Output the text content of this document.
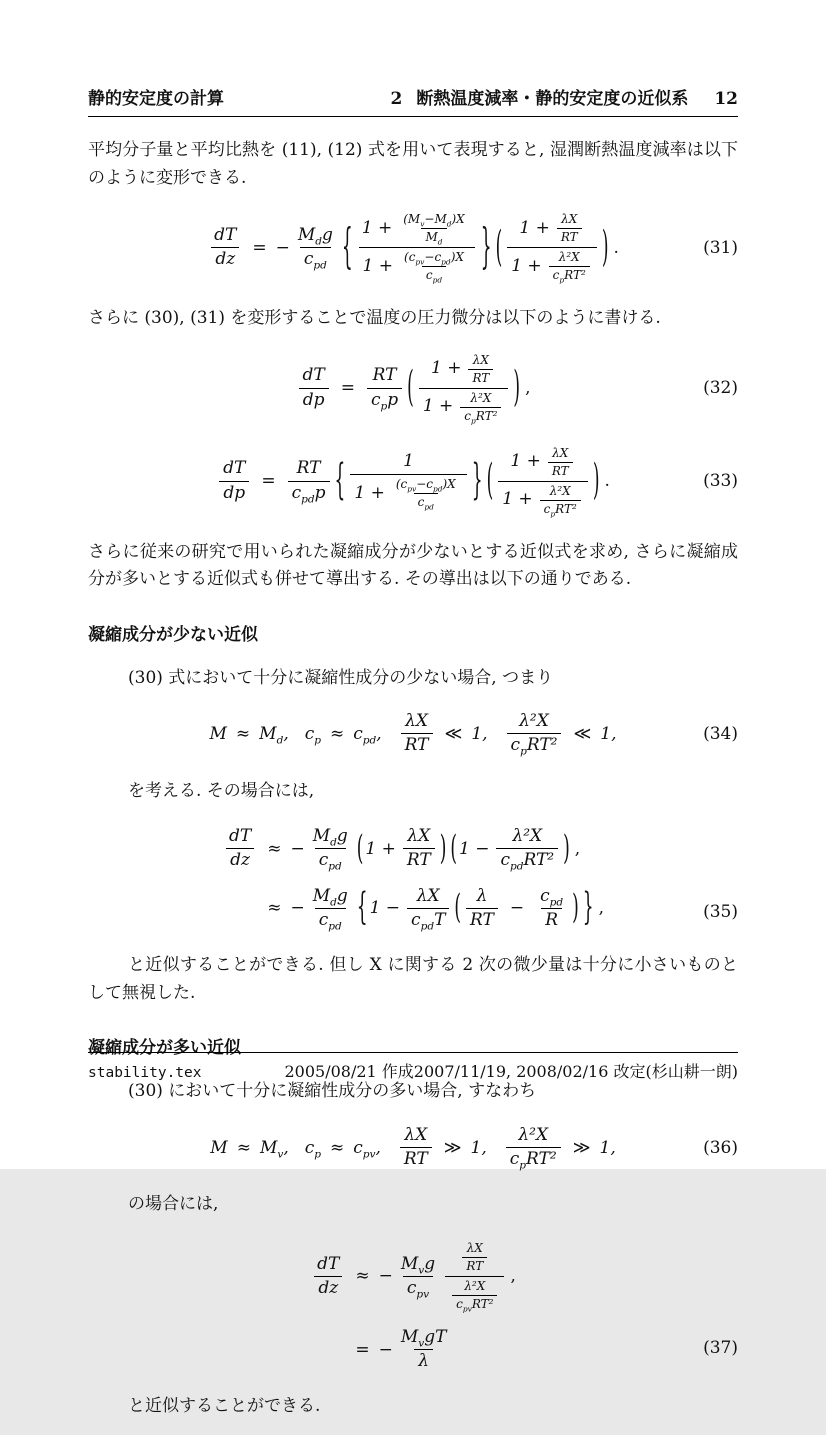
静的安定度の計算	2 断熱温度減率・静的安定度の近似系 12

平均分子量と平均比熱を (11), (12) 式を用いて表現すると, 湿潤断熱温度減率は以下のように変形できる.

$\frac{dT}{dz}$ = − $\frac{M_dg}{c_{pd}}$ { $\frac{1 + \frac{(M_v-M_d)X}{M_d}}{1 + \frac{(c_{pv}-c_{pd})X}{c_{pd}}}$ } ( $\frac{1 + \frac{\lambda X}{RT}}{1 + \frac{\text{λ²X}}{c_pRT^2}}$ ) .	(31)

さらに (30), (31) を変形することで温度の圧力微分は以下のように書ける.

$\frac{dT}{dp} = \frac{RT}{c_pp}$ ( $\frac{1 + \frac{\lambda X}{RT}}{1 + \frac{\text{λ²X}}{c_pRT^2}}$ ) ,	(32)
$\frac{dT}{dp} = \frac{RT}{c_{pd}p}$ { $\frac{1}{1 + \frac{(c_{pv}-c_{pd})X}{c_{pd}}}$ } ( $\frac{1 + \frac{\lambda X}{RT}}{1 + \frac{\text{λ²X}}{c_pRT^2}}$ ) .	(33)

さらに従来の研究で用いられた凝縮成分が少ないとする近似式を求め, さらに凝縮成分が多いとする近似式も併せて導出する. その導出は以下の通りである.

凝縮成分が少ない近似

(30) 式において十分に凝縮性成分の少ない場合, つまり

$M \approx M_d$, $c_p \approx c_{pd}$, $\frac{\lambda X}{RT}$ ≪ 1, $\frac{\text{λ²X}}{c_pRT^2}$ ≪ 1,	(34)

を考える. その場合には,

$\frac{dT}{dz}$ ≈ − $\frac{M_dg}{c_{pd}}$ ( $1 + \frac{\lambda X}{RT}$ ) ( $1 - \frac{\text{λ²X}}{c_{pd}RT^2}$ ) ,
≈ − $\frac{M_dg}{c_{pd}}$ { $1 - \frac{\lambda X}{c_{pd}T}$ ( $\frac{\lambda}{RT} - \frac{c_{pd}}{R}$ ) } ,	(35)

と近似することができる. 但し X に関する 2 次の微少量は十分に小さいものとして無視した.

凝縮成分が多い近似

(30) において十分に凝縮性成分の多い場合, すなわち

$M \approx M_v$, $c_p \approx c_{pv}$, $\frac{\lambda X}{RT}$ ≫ 1, $\frac{\text{λ²X}}{c_pRT^2}$ ≫ 1,	(36)

の場合には,

$\frac{dT}{dz}$ ≈ − $\frac{M_vg}{c_{pv}} \frac{\frac{\lambda X}{RT}}{\frac{\text{λ²X}}{c_{pv}RT^2}}$ ,
= − $\frac{M_vgT}{\lambda}$	(37)

と近似することができる.

stability.tex	2005/08/21 作成2007/11/19, 2008/02/16 改定(杉山耕一朗)
